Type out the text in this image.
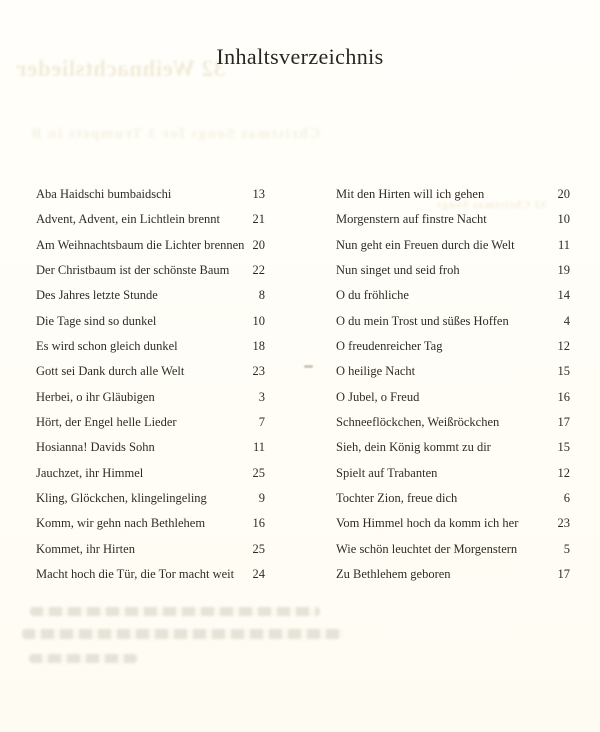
32 Weihnachtslieder
Christmas Songs for 3 Trumpets in B
32 Christmas Songs
Inhaltsverzeichnis
Aba Haidschi bumbaidschi	13
Advent, Advent, ein Lichtlein brennt	21
Am Weihnachtsbaum die Lichter brennen 20
Der Christbaum ist der schönste Baum 22
Des Jahres letzte Stunde	8
Die Tage sind so dunkel	10
Es wird schon gleich dunkel	18
Gott sei Dank durch alle Welt	23
Herbei, o ihr Gläubigen	3
Hört, der Engel helle Lieder	7
Hosianna! Davids Sohn	11
Jauchzet, ihr Himmel	25
Kling, Glöckchen, klingelingeling	9
Komm, wir gehn nach Bethlehem	16
Kommet, ihr Hirten	25
Macht hoch die Tür, die Tor macht weit 24
Mit den Hirten will ich gehen	20
Morgenstern auf finstre Nacht	10
Nun geht ein Freuen durch die Welt	11
Nun singet und seid froh	19
O du fröhliche	14
O du mein Trost und süßes Hoffen	4
O freudenreicher Tag	12
O heilige Nacht	15
O Jubel, o Freud	16
Schneeflöckchen, Weißröckchen	17
Sieh, dein König kommt zu dir	15
Spielt auf Trabanten	12
Tochter Zion, freue dich	6
Vom Himmel hoch da komm ich her	23
Wie schön leuchtet der Morgenstern	5
Zu Bethlehem geboren	17
